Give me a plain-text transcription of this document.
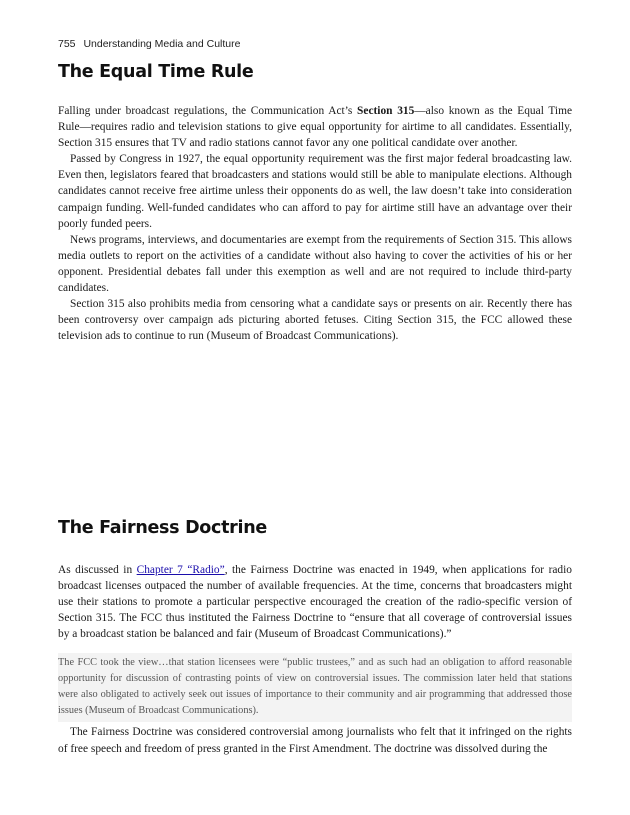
755 Understanding Media and Culture
The Equal Time Rule

Falling under broadcast regulations, the Communication Act’s Section 315—also known as the Equal Time Rule—requires radio and television stations to give equal opportunity for airtime to all candidates. Essentially, Section 315 ensures that TV and radio stations cannot favor any one political candidate over another.

Passed by Congress in 1927, the equal opportunity requirement was the first major federal broadcasting law. Even then, legislators feared that broadcasters and stations would still be able to manipulate elections. Although candidates cannot receive free airtime unless their opponents do as well, the law doesn’t take into consideration campaign funding. Well-funded candidates who can afford to pay for airtime still have an advantage over their poorly funded peers.

News programs, interviews, and documentaries are exempt from the requirements of Section 315. This allows media outlets to report on the activities of a candidate without also having to cover the activities of his or her opponent. Presidential debates fall under this exemption as well and are not required to include third-party candidates.

Section 315 also prohibits media from censoring what a candidate says or presents on air. Recently there has been controversy over campaign ads picturing aborted fetuses. Citing Section 315, the FCC allowed these television ads to continue to run (Museum of Broadcast Communications).

The Fairness Doctrine

As discussed in Chapter 7 “Radio”, the Fairness Doctrine was enacted in 1949, when applications for radio broadcast licenses outpaced the number of available frequencies. At the time, concerns that broadcasters might use their stations to promote a particular perspective encouraged the creation of the radio-specific version of Section 315. The FCC thus instituted the Fairness Doctrine to “ensure that all coverage of controversial issues by a broadcast station be balanced and fair (Museum of Broadcast Communications).”

The FCC took the view…that station licensees were “public trustees,” and as such had an obligation to afford reasonable opportunity for discussion of contrasting points of view on controversial issues. The commission later held that stations were also obligated to actively seek out issues of importance to their community and air programming that addressed those issues (Museum of Broadcast Communications).

The Fairness Doctrine was considered controversial among journalists who felt that it infringed on the rights of free speech and freedom of press granted in the First Amendment. The doctrine was dissolved during the
